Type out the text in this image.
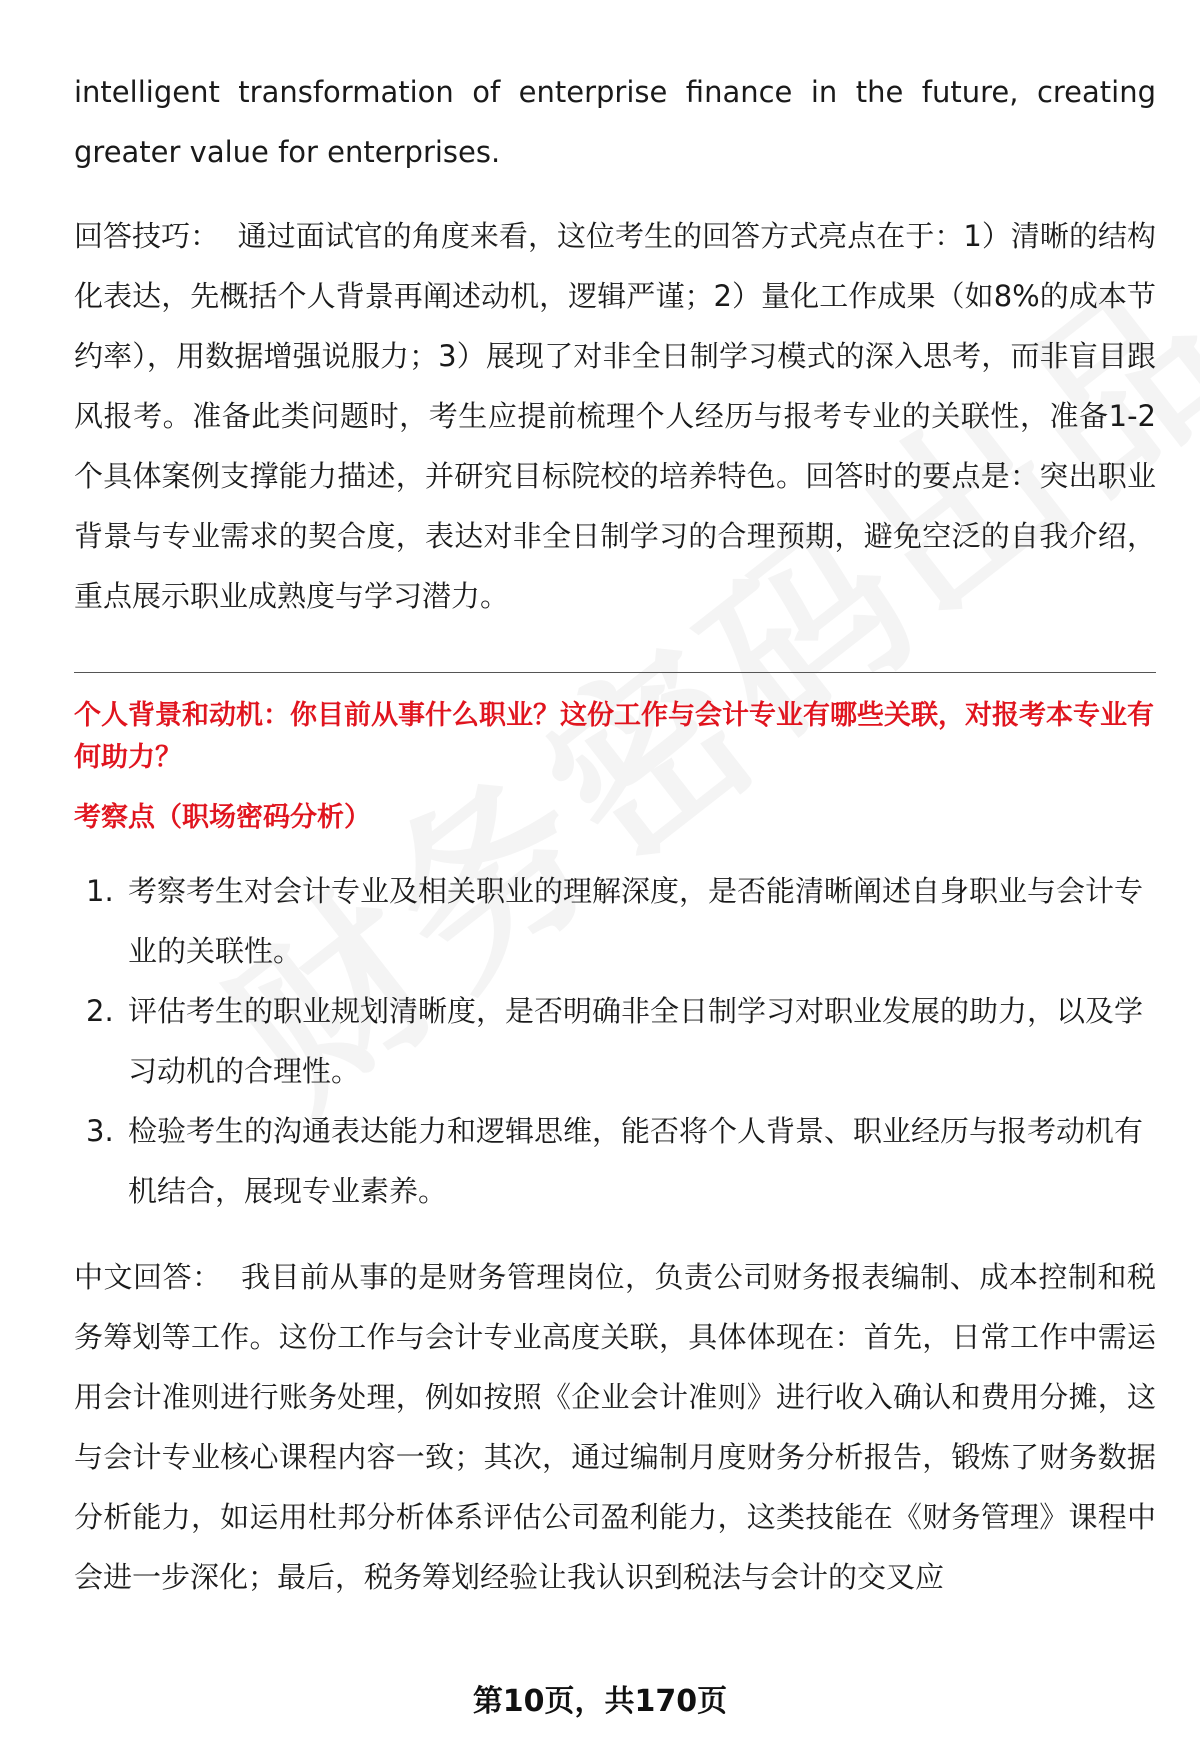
intelligent transformation of enterprise finance in the future, creating greater value for enterprises.

回答技巧： 通过面试官的角度来看，这位考生的回答方式亮点在于：1）清晰的结构化表达，先概括个人背景再阐述动机，逻辑严谨；2）量化工作成果（如8%的成本节约率），用数据增强说服力；3）展现了对非全日制学习模式的深入思考，而非盲目跟风报考。准备此类问题时，考生应提前梳理个人经历与报考专业的关联性，准备1-2个具体案例支撑能力描述，并研究目标院校的培养特色。回答时的要点是：突出职业背景与专业需求的契合度，表达对非全日制学习的合理预期，避免空泛的自我介绍，重点展示职业成熟度与学习潜力。

个人背景和动机：你目前从事什么职业？这份工作与会计专业有哪些关联，对报考本专业有何助力？
考察点（职场密码分析）
1. 考察考生对会计专业及相关职业的理解深度，是否能清晰阐述自身职业与会计专业的关联性。
2. 评估考生的职业规划清晰度，是否明确非全日制学习对职业发展的助力，以及学习动机的合理性。
3. 检验考生的沟通表达能力和逻辑思维，能否将个人背景、职业经历与报考动机有机结合，展现专业素养。

中文回答： 我目前从事的是财务管理岗位，负责公司财务报表编制、成本控制和税务筹划等工作。这份工作与会计专业高度关联，具体体现在：首先，日常工作中需运用会计准则进行账务处理，例如按照《企业会计准则》进行收入确认和费用分摊，这与会计专业核心课程内容一致；其次，通过编制月度财务分析报告，锻炼了财务数据分析能力，如运用杜邦分析体系评估公司盈利能力，这类技能在《财务管理》课程中会进一步深化；最后，税务筹划经验让我认识到税法与会计的交叉应

第10页，共170页
